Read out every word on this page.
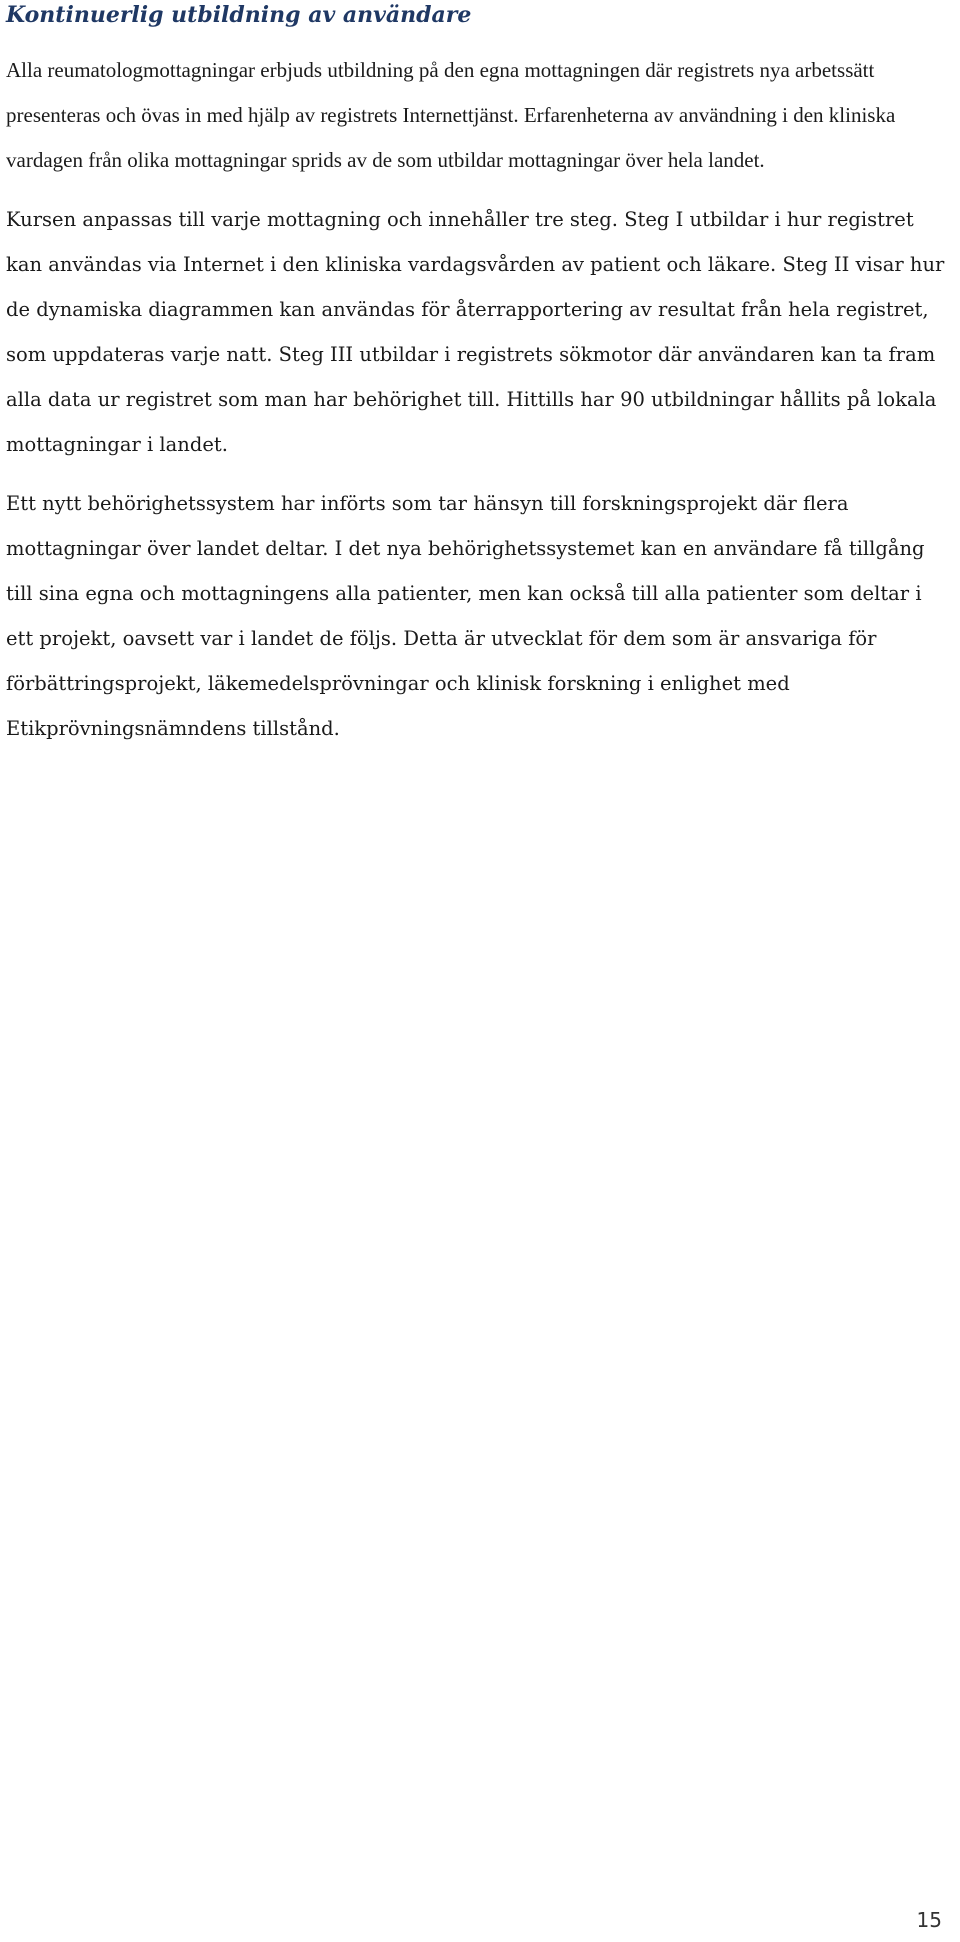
Kontinuerlig utbildning av användare

Alla reumatologmottagningar erbjuds utbildning på den egna mottagningen där registrets nya arbetssätt presenteras och övas in med hjälp av registrets Internettjänst. Erfarenheterna av användning i den kliniska vardagen från olika mottagningar sprids av de som utbildar mottagningar över hela landet.

Kursen anpassas till varje mottagning och innehåller tre steg. Steg I utbildar i hur registret kan användas via Internet i den kliniska vardagsvården av patient och läkare. Steg II visar hur de dynamiska diagrammen kan användas för återrapportering av resultat från hela registret, som uppdateras varje natt. Steg III utbildar i registrets sökmotor där användaren kan ta fram alla data ur registret som man har behörighet till. Hittills har 90 utbildningar hållits på lokala mottagningar i landet.

Ett nytt behörighetssystem har införts som tar hänsyn till forskningsprojekt där flera mottagningar över landet deltar. I det nya behörighetssystemet kan en användare få tillgång till sina egna och mottagningens alla patienter, men kan också till alla patienter som deltar i ett projekt, oavsett var i landet de följs. Detta är utvecklat för dem som är ansvariga för förbättringsprojekt, läkemedelsprövningar och klinisk forskning i enlighet med Etikprövningsnämndens tillstånd.

15
